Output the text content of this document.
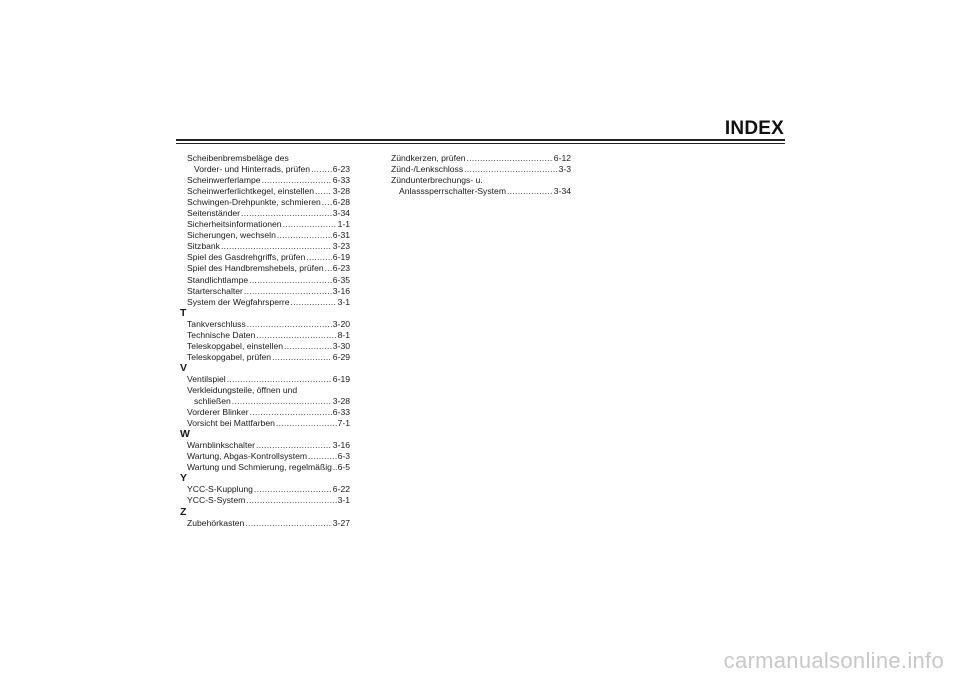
INDEX
Scheibenbremsbeläge des
Vorder- und Hinterrads, prüfen .....	6-23
Scheinwerferlampe .....	6-33
Scheinwerferlichtkegel, einstellen ..... 3-28
Schwingen-Drehpunkte, schmieren ..... 6-28
Seitenständer .....	3-34
Sicherheitsinformationen .....	1-1
Sicherungen, wechseln .....	6-31
Sitzbank .....	3-23
Spiel des Gasdrehgriffs, prüfen .....	6-19
Spiel des Handbremshebels, prüfen ..... 6-23
Standlichtlampe .....	6-35
Starterschalter .....	3-16
System der Wegfahrsperre .....	3-1
T
Tankverschluss .....	3-20
Technische Daten .....	8-1
Teleskopgabel, einstellen .....	3-30
Teleskopgabel, prüfen .....	6-29
V
Ventilspiel .....	6-19
Verkleidungsteile, öffnen und
schließen .....	3-28
Vorderer Blinker .....	6-33
Vorsicht bei Mattfarben .....	7-1
W
Warnblinkschalter .....	3-16
Wartung, Abgas-Kontrollsystem .....	6-3
Wartung und Schmierung, regelmäßig ..... 6-5
Y
YCC-S-Kupplung .....	6-22
YCC-S-System .....	3-1
Z
Zubehörkasten .....	3-27
Zündkerzen, prüfen .....	6-12
Zünd-/Lenkschloss .....	3-3
Zündunterbrechungs- u.
Anlasssperrschalter-System .....	3-34
carmanualsonline.info
